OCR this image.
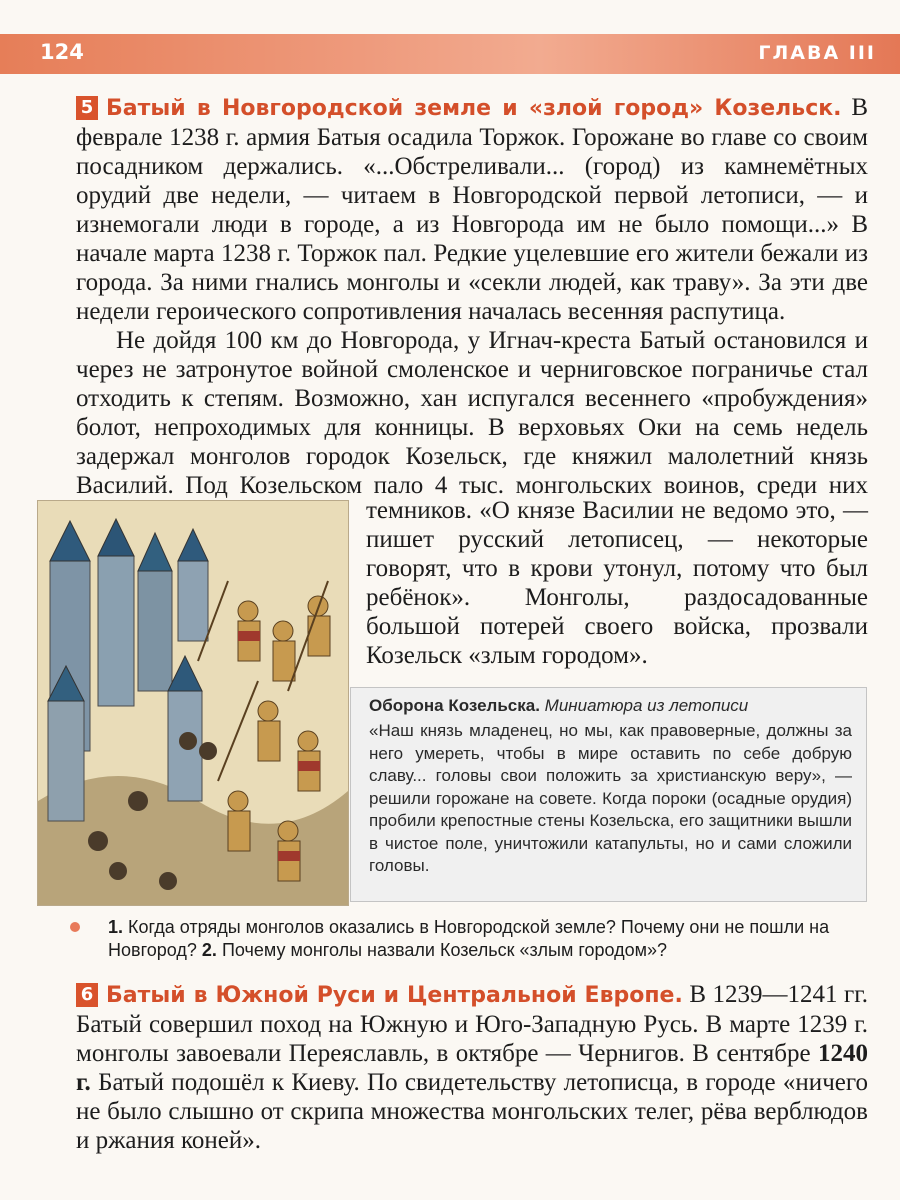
124	ГЛАВА III

5 Батый в Новгородской земле и «злой город» Козельск. В феврале 1238 г. армия Батыя осадила Торжок. Горожане во главе со своим посадником держались. «...Обстреливали... (город) из камнемётных орудий две недели, — читаем в Новгородской первой летописи, — и изнемогали люди в городе, а из Новгорода им не было помощи...» В начале марта 1238 г. Торжок пал. Редкие уцелевшие его жители бежали из города. За ними гнались монголы и «секли людей, как траву». За эти две недели героического сопротивления началась весенняя распутица.

Не дойдя 100 км до Новгорода, у Игнач-креста Батый остановился и через не затронутое войной смоленское и черниговское пограничье стал отходить к степям. Возможно, хан испугался весеннего «пробуждения» болот, непроходимых для конницы. В верховьях Оки на семь недель задержал монголов городок Козельск, где княжил малолетний князь Василий. Под Козельском пало 4 тыс. монгольских воинов, среди них

темников. «О князе Василии не ведомо это, — пишет русский летописец, — некоторые говорят, что в крови утонул, потому что был ребёнок». Монголы, раздосадованные большой потерей своего войска, прозвали Козельск «злым городом».

Оборона Козельска. Миниатюра из летописи

«Наш князь младенец, но мы, как правоверные, должны за него умереть, чтобы в мире оставить по себе добрую славу... головы свои положить за христианскую веру», — решили горожане на совете. Когда пороки (осадные орудия) пробили крепостные стены Козельска, его защитники вышли в чистое поле, уничтожили катапульты, но и сами сложили головы.

1. Когда отряды монголов оказались в Новгородской земле? Почему они не пошли на Новгород? 2. Почему монголы назвали Козельск «злым городом»?

6 Батый в Южной Руси и Центральной Европе. В 1239—1241 гг. Батый совершил поход на Южную и Юго-Западную Русь. В марте 1239 г. монголы завоевали Переяславль, в октябре — Чернигов. В сентябре 1240 г. Батый подошёл к Киеву. По свидетельству летописца, в городе «ничего не было слышно от скрипа множества монгольских телег, рёва верблюдов и ржания коней».
